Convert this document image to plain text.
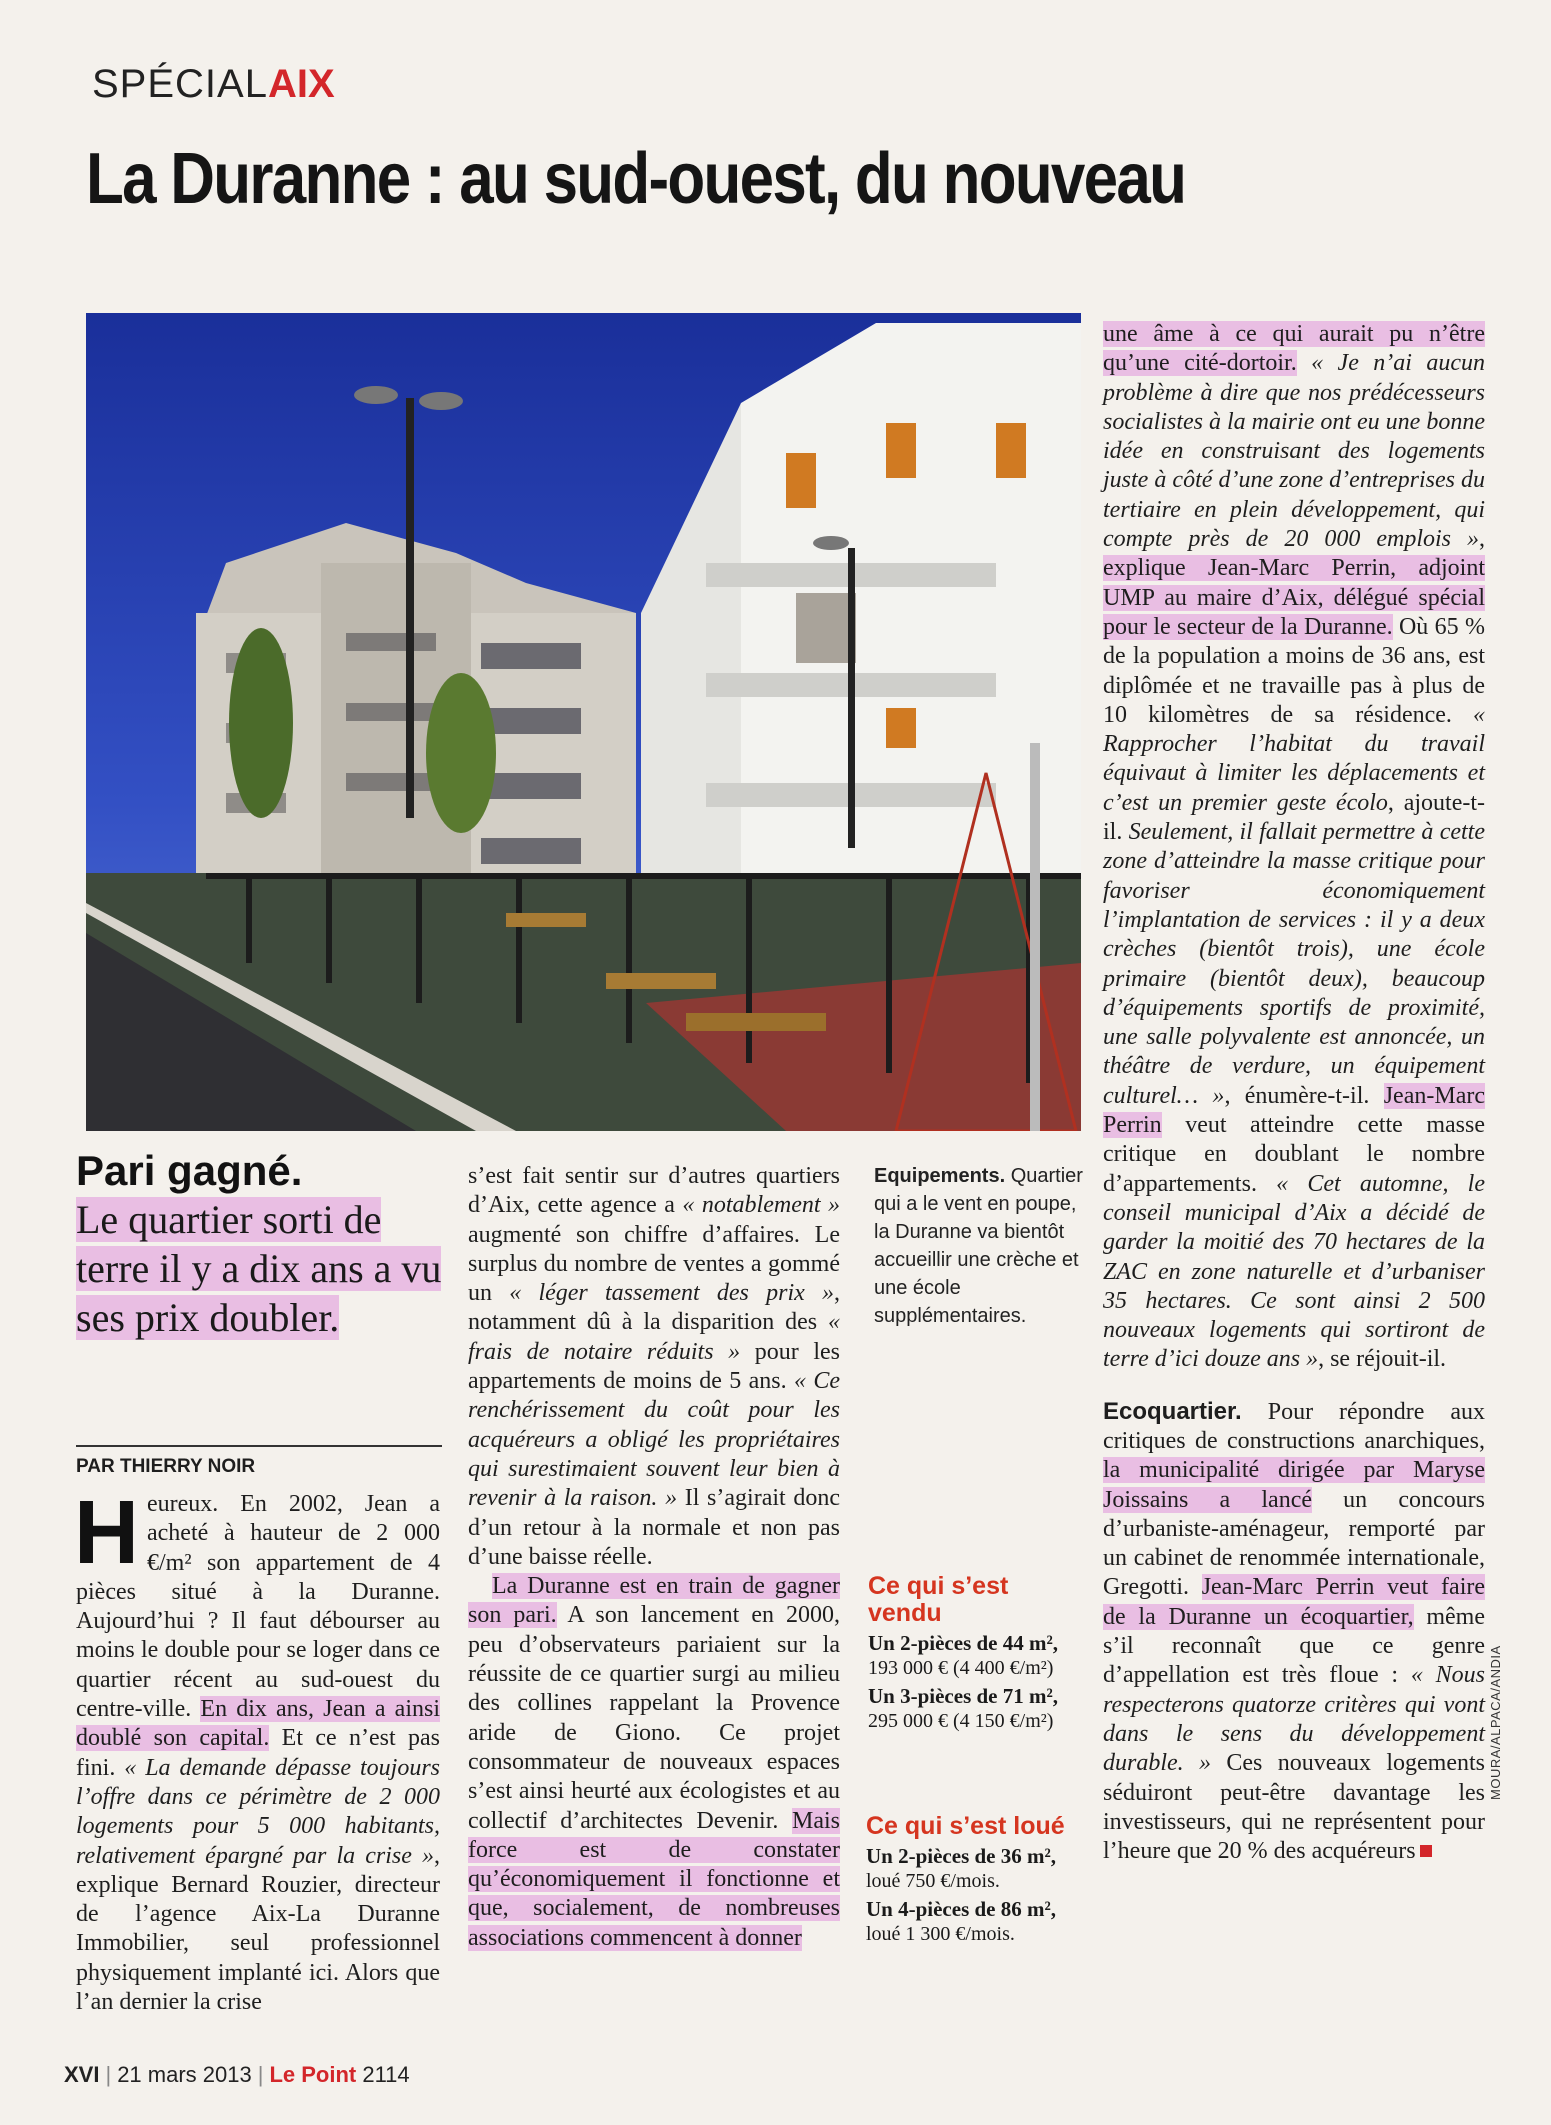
SPÉCIALAIX
La Duranne : au sud-ouest, du nouveau
Pari gagné.
Le quartier sorti de terre il y a dix ans a vu ses prix doubler.
PAR THIERRY NOIR

Heureux. En 2002, Jean a acheté à hauteur de 2 000 €/m² son appartement de 4 pièces situé à la Duranne. Aujourd’hui ? Il faut débourser au moins le double pour se loger dans ce quartier récent au sud-ouest du centre-ville. En dix ans, Jean a ainsi doublé son capital. Et ce n’est pas fini. « La demande dépasse toujours l’offre dans ce périmètre de 2 000 logements pour 5 000 habitants, relativement épargné par la crise », explique Bernard Rouzier, directeur de l’agence Aix-La Duranne Immobilier, seul professionnel physiquement implanté ici. Alors que l’an dernier la crise

s’est fait sentir sur d’autres quartiers d’Aix, cette agence a « notablement » augmenté son chiffre d’affaires. Le surplus du nombre de ventes a gommé un « léger tassement des prix », notamment dû à la disparition des « frais de notaire réduits » pour les appartements de moins de 5 ans. « Ce renchérissement du coût pour les acquéreurs a obligé les propriétaires qui surestimaient souvent leur bien à revenir à la raison. » Il s’agirait donc d’un retour à la normale et non pas d’une baisse réelle.

La Duranne est en train de gagner son pari. A son lancement en 2000, peu d’observateurs pariaient sur la réussite de ce quartier surgi au milieu des collines rappelant la Provence aride de Giono. Ce projet consommateur de nouveaux espaces s’est ainsi heurté aux écologistes et au collectif d’architectes Devenir. Mais force est de constater qu’économiquement il fonctionne et que, socialement, de nombreuses associations commencent à donner

Equipements. Quartier qui a le vent en poupe, la Duranne va bientôt accueillir une crèche et une école supplémentaires.
Ce qui s’est vendu
Un 2-pièces de 44 m², 193 000 € (4 400 €/m²)
Un 3-pièces de 71 m², 295 000 € (4 150 €/m²)
Ce qui s’est loué
Un 2-pièces de 36 m², loué 750 €/mois.
Un 4-pièces de 86 m², loué 1 300 €/mois.

une âme à ce qui aurait pu n’être qu’une cité-dortoir. « Je n’ai aucun problème à dire que nos prédécesseurs socialistes à la mairie ont eu une bonne idée en construisant des logements juste à côté d’une zone d’entreprises du tertiaire en plein développement, qui compte près de 20 000 emplois », explique Jean-Marc Perrin, adjoint UMP au maire d’Aix, délégué spécial pour le secteur de la Duranne. Où 65 % de la population a moins de 36 ans, est diplômée et ne travaille pas à plus de 10 kilomètres de sa résidence. « Rapprocher l’habitat du travail équivaut à limiter les déplacements et c’est un premier geste écolo, ajoute-t-il. Seulement, il fallait permettre à cette zone d’atteindre la masse critique pour favoriser économiquement l’implantation de services : il y a deux crèches (bientôt trois), une école primaire (bientôt deux), beaucoup d’équipements sportifs de proximité, une salle polyvalente est annoncée, un théâtre de verdure, un équipement culturel… », énumère-t-il. Jean-Marc Perrin veut atteindre cette masse critique en doublant le nombre d’appartements. « Cet automne, le conseil municipal d’Aix a décidé de garder la moitié des 70 hectares de la ZAC en zone naturelle et d’urbaniser 35 hectares. Ce sont ainsi 2 500 nouveaux logements qui sortiront de terre d’ici douze ans », se réjouit-il.

Ecoquartier. Pour répondre aux critiques de constructions anarchiques, la municipalité dirigée par Maryse Joissains a lancé un concours d’urbaniste-aménageur, remporté par un cabinet de renommée internationale, Gregotti. Jean-Marc Perrin veut faire de la Duranne un écoquartier, même s’il reconnaît que ce genre d’appellation est très floue : « Nous respecterons quatorze critères qui vont dans le sens du développement durable. » Ces nouveaux logements séduiront peut-être davantage les investisseurs, qui ne représentent pour l’heure que 20 % des acquéreurs

MOURA/ALPACA/ANDIA
XVI | 21 mars 2013 | Le Point 2114
